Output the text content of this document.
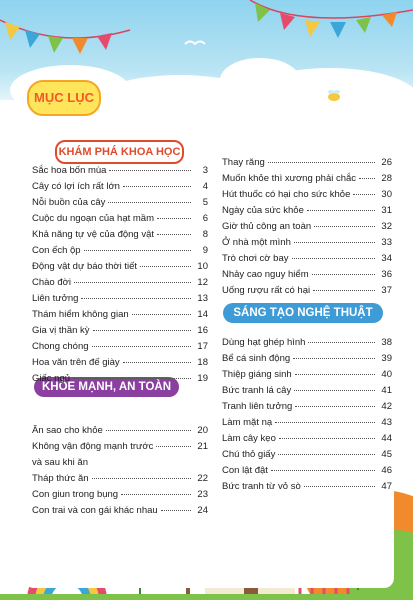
MỤC LỤC
KHÁM PHÁ KHOA HỌC
KHỎE MẠNH, AN TOÀN
SÁNG TẠO NGHỆ THUẬT
Sắc hoa bốn mùa	3
Cây có lợi ích rất lớn	4
Nỗi buồn của cây	5
Cuộc du ngoạn của hạt mầm	6
Khả năng tự vệ của động vật	8
Con ếch ộp	9
Động vật dự báo thời tiết	10
Chào đời	12
Liên tưởng	13
Thám hiểm không gian	14
Gia vị thần kỳ	16
Chong chóng	17
Hoa văn trên đế giày	18
Giấc ngủ	19
Ăn sao cho khỏe	20
Không vận động mạnh trước	21
và sau khi ăn
Tháp thức ăn	22
Con giun trong bụng	23
Con trai và con gái khác nhau	24
Thay răng	26
Muốn khỏe thì xương phải chắc	28
Hút thuốc có hại cho sức khỏe	30
Ngày của sức khỏe	31
Giờ thủ công an toàn	32
Ở nhà một mình	33
Trò chơi cờ bay	34
Nhảy cao nguy hiểm	36
Uống rượu rất có hại	37
Dùng hạt ghép hình	38
Bể cá sinh động	39
Thiệp giáng sinh	40
Bức tranh lá cây	41
Tranh liên tưởng	42
Làm mặt nạ	43
Làm cây kẹo	44
Chú thỏ giấy	45
Con lật đật	46
Bức tranh từ vỏ sò	47
